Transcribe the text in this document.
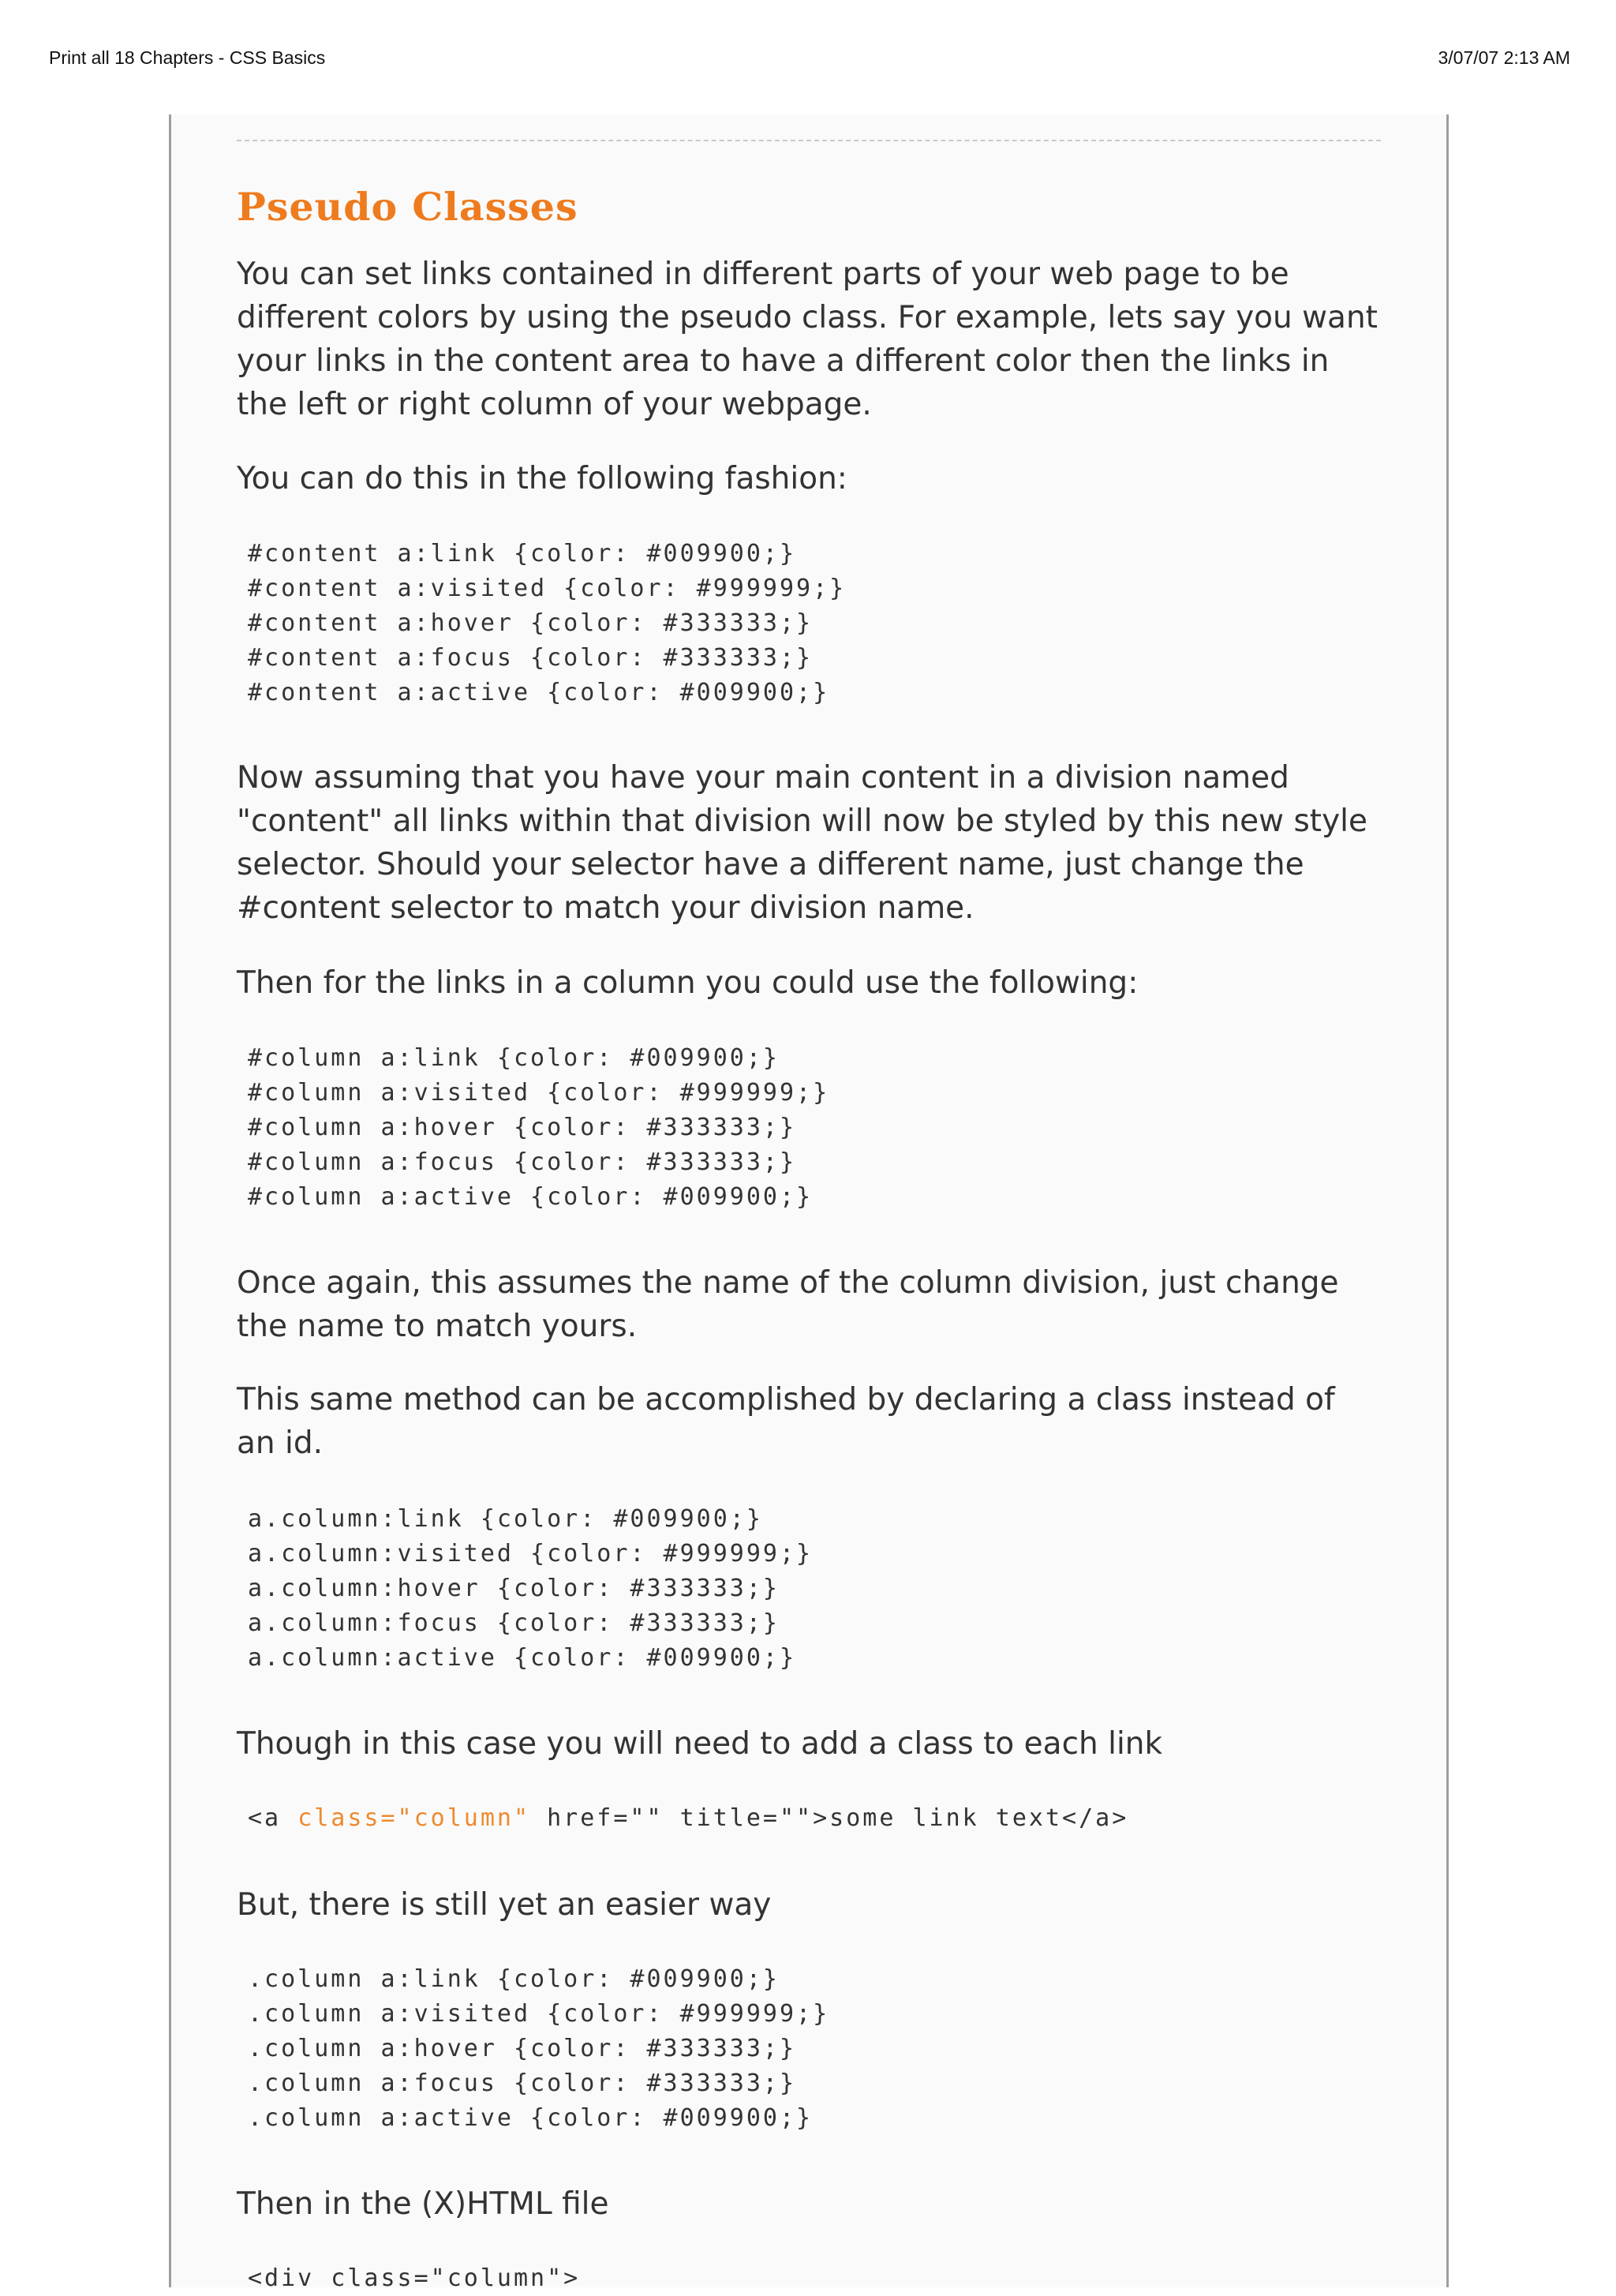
Print all 18 Chapters - CSS Basics	3/07/07 2:13 AM
Pseudo Classes

You can set links contained in different parts of your web page to be different colors by using the pseudo class. For example, lets say you want your links in the content area to have a different color then the links in the left or right column of your webpage.

You can do this in the following fashion:

#content a:link {color: #009900;}
#content a:visited {color: #999999;}
#content a:hover {color: #333333;}
#content a:focus {color: #333333;}
#content a:active {color: #009900;}

Now assuming that you have your main content in a division named "content" all links within that division will now be styled by this new style selector. Should your selector have a different name, just change the #content selector to match your division name.

Then for the links in a column you could use the following:

#column a:link {color: #009900;}
#column a:visited {color: #999999;}
#column a:hover {color: #333333;}
#column a:focus {color: #333333;}
#column a:active {color: #009900;}

Once again, this assumes the name of the column division, just change the name to match yours.

This same method can be accomplished by declaring a class instead of an id.

a.column:link {color: #009900;}
a.column:visited {color: #999999;}
a.column:hover {color: #333333;}
a.column:focus {color: #333333;}
a.column:active {color: #009900;}

Though in this case you will need to add a class to each link

<a class="column" href="" title="">some link text</a>

But, there is still yet an easier way

.column a:link {color: #009900;}
.column a:visited {color: #999999;}
.column a:hover {color: #333333;}
.column a:focus {color: #333333;}
.column a:active {color: #009900;}

Then in the (X)HTML file

<div class="column">
